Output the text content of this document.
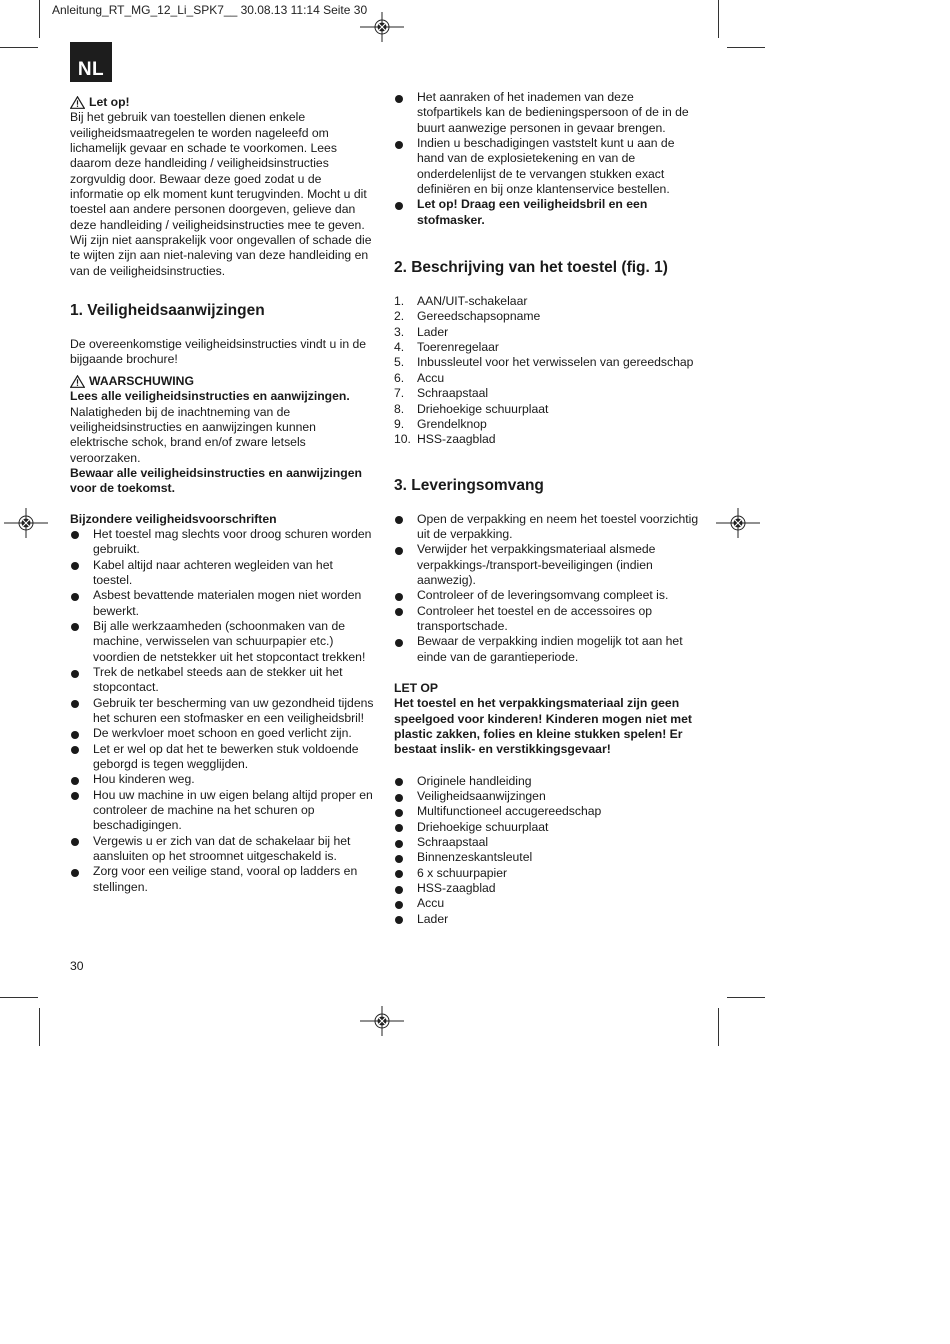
Anleitung_RT_MG_12_Li_SPK7__ 30.08.13 11:14 Seite 30
NL
Let op!

Bij het gebruik van toestellen dienen enkele veiligheidsmaatregelen te worden nageleefd om lichamelijk gevaar en schade te voorkomen. Lees daarom deze handleiding / veiligheidsinstructies zorgvuldig door. Bewaar deze goed zodat u de informatie op elk moment kunt terugvinden. Mocht u dit toestel aan andere personen doorgeven, gelieve dan deze handleiding / veiligheidsinstructies mee te geven. Wij zijn niet aansprakelijk voor ongevallen of schade die te wijten zijn aan niet-naleving van deze handleiding en van de veiligheidsinstructies.

1. Veiligheidsaanwijzingen

De overeenkomstige veiligheidsinstructies vindt u in de bijgaande brochure!

WAARSCHUWING

Lees alle veiligheidsinstructies en aanwijzingen.

Nalatigheden bij de inachtneming van de veiligheidsinstructies en aanwijzingen kunnen elektrische schok, brand en/of zware letsels veroorzaken.

Bewaar alle veiligheidsinstructies en aanwijzingen voor de toekomst.

Bijzondere veiligheidsvoorschriften

Het toestel mag slechts voor droog schuren worden gebruikt.
Kabel altijd naar achteren wegleiden van het toestel.
Asbest bevattende materialen mogen niet worden bewerkt.
Bij alle werkzaamheden (schoonmaken van de machine, verwisselen van schuurpapier etc.) voordien de netstekker uit het stopcontact trekken!
Trek de netkabel steeds aan de stekker uit het stopcontact.
Gebruik ter bescherming van uw gezondheid tijdens het schuren een stofmasker en een veiligheidsbril!
De werkvloer moet schoon en goed verlicht zijn.
Let er wel op dat het te bewerken stuk voldoende geborgd is tegen wegglijden.
Hou kinderen weg.
Hou uw machine in uw eigen belang altijd proper en controleer de machine na het schuren op beschadigingen.
Vergewis u er zich van dat de schakelaar bij het aansluiten op het stroomnet uitgeschakeld is.
Zorg voor een veilige stand, vooral op ladders en stellingen.
Het aanraken of het inademen van deze stofpartikels kan de bedieningspersoon of de in de buurt aanwezige personen in gevaar brengen.
Indien u beschadigingen vaststelt kunt u aan de hand van de explosietekening en van de onderdelenlijst de te vervangen stukken exact definiëren en bij onze klantenservice bestellen.
Let op! Draag een veiligheidsbril en een stofmasker.
2. Beschrijving van het toestel (fig. 1)
1. AAN/UIT-schakelaar
2. Gereedschapsopname
3. Lader
4. Toerenregelaar
5. Inbussleutel voor het verwisselen van gereedschap
6. Accu
7. Schraapstaal
8. Driehoekige schuurplaat
9. Grendelknop
10. HSS-zaagblad
3. Leveringsomvang
Open de verpakking en neem het toestel voorzichtig uit de verpakking.
Verwijder het verpakkingsmateriaal alsmede verpakkings-/transport-beveiligingen (indien aanwezig).
Controleer of de leveringsomvang compleet is.
Controleer het toestel en de accessoires op transportschade.
Bewaar de verpakking indien mogelijk tot aan het einde van de garantieperiode.

LET OP

Het toestel en het verpakkingsmateriaal zijn geen speelgoed voor kinderen! Kinderen mogen niet met plastic zakken, folies en kleine stukken spelen! Er bestaat inslik- en verstikkingsgevaar!

Originele handleiding
Veiligheidsaanwijzingen
Multifunctioneel accugereedschap
Driehoekige schuurplaat
Schraapstaal
Binnenzeskantsleutel
6 x schuurpapier
HSS-zaagblad
Accu
Lader
30
